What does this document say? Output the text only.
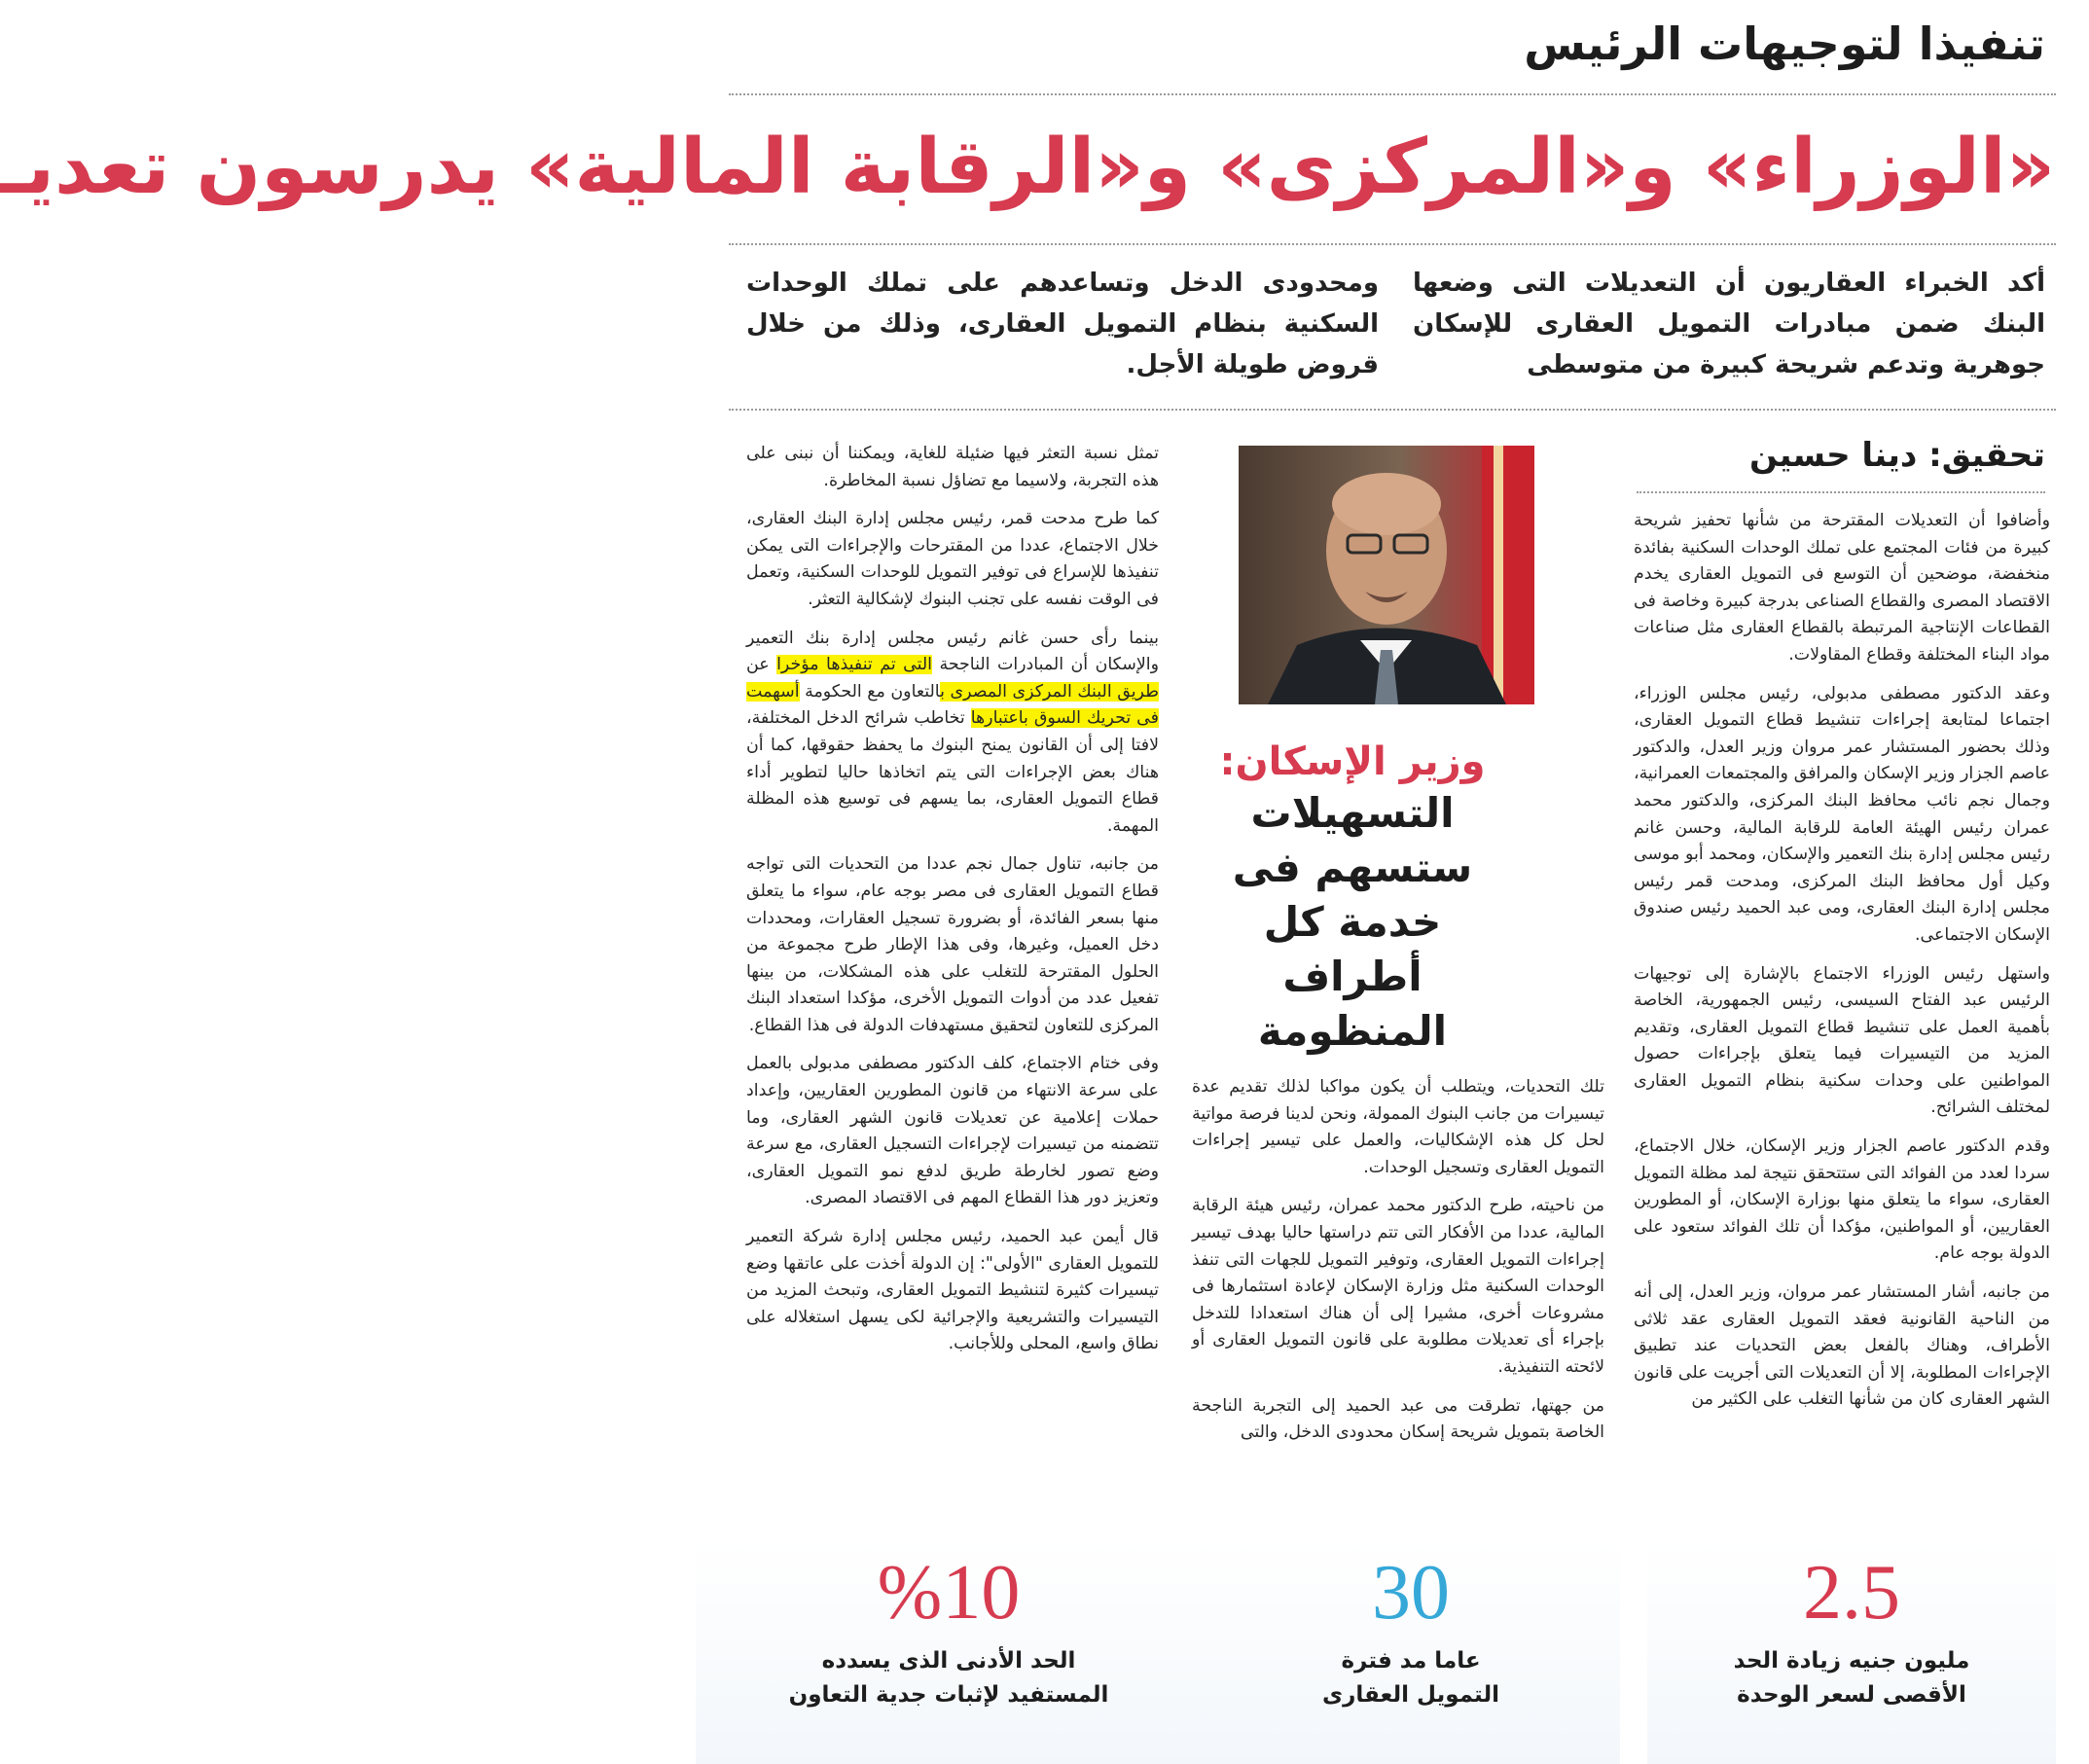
تنفيذا لتوجيهات الرئيس
«الوزراء» و«المركزى» و«الرقابة المالية» يدرسون تعديـ

أكد الخبراء العقاريون أن التعديلات التى وضعها البنك ضمن مبادرات التمويل العقارى للإسكان جوهرية وتدعم شريحة كبيرة من متوسطى

ومحدودى الدخل وتساعدهم على تملك الوحدات السكنية بنظام التمويل العقارى، وذلك من خلال قروض طويلة الأجل.

تحقيق: دينا حسين

وأضافوا أن التعديلات المقترحة من شأنها تحفيز شريحة كبيرة من فئات المجتمع على تملك الوحدات السكنية بفائدة منخفضة، موضحين أن التوسع فى التمويل العقارى يخدم الاقتصاد المصرى والقطاع الصناعى بدرجة كبيرة وخاصة فى القطاعات الإنتاجية المرتبطة بالقطاع العقارى مثل صناعات مواد البناء المختلفة وقطاع المقاولات.

وعقد الدكتور مصطفى مدبولى، رئيس مجلس الوزراء، اجتماعا لمتابعة إجراءات تنشيط قطاع التمويل العقارى، وذلك بحضور المستشار عمر مروان وزير العدل، والدكتور عاصم الجزار وزير الإسكان والمرافق والمجتمعات العمرانية، وجمال نجم نائب محافظ البنك المركزى، والدكتور محمد عمران رئيس الهيئة العامة للرقابة المالية، وحسن غانم رئيس مجلس إدارة بنك التعمير والإسكان، ومحمد أبو موسى وكيل أول محافظ البنك المركزى، ومدحت قمر رئيس مجلس إدارة البنك العقارى، ومى عبد الحميد رئيس صندوق الإسكان الاجتماعى.

واستهل رئيس الوزراء الاجتماع بالإشارة إلى توجيهات الرئيس عبد الفتاح السيسى، رئيس الجمهورية، الخاصة بأهمية العمل على تنشيط قطاع التمويل العقارى، وتقديم المزيد من التيسيرات فيما يتعلق بإجراءات حصول المواطنين على وحدات سكنية بنظام التمويل العقارى لمختلف الشرائح.

وقدم الدكتور عاصم الجزار وزير الإسكان، خلال الاجتماع، سردا لعدد من الفوائد التى ستتحقق نتيجة لمد مظلة التمويل العقارى، سواء ما يتعلق منها بوزارة الإسكان، أو المطورين العقاريين، أو المواطنين، مؤكدا أن تلك الفوائد ستعود على الدولة بوجه عام.

من جانبه، أشار المستشار عمر مروان، وزير العدل، إلى أنه من الناحية القانونية فعقد التمويل العقارى عقد ثلاثى الأطراف، وهناك بالفعل بعض التحديات عند تطبيق الإجراءات المطلوبة، إلا أن التعديلات التى أجريت على قانون الشهر العقارى كان من شأنها التغلب على الكثير من

وزير الإسكان:
التسهيلات ستسهم فى خدمة كل أطراف المنظومة

تلك التحديات، ويتطلب أن يكون مواكبا لذلك تقديم عدة تيسيرات من جانب البنوك الممولة، ونحن لدينا فرصة مواتية لحل كل هذه الإشكاليات، والعمل على تيسير إجراءات التمويل العقارى وتسجيل الوحدات.

من ناحيته، طرح الدكتور محمد عمران، رئيس هيئة الرقابة المالية، عددا من الأفكار التى تتم دراستها حاليا بهدف تيسير إجراءات التمويل العقارى، وتوفير التمويل للجهات التى تنفذ الوحدات السكنية مثل وزارة الإسكان لإعادة استثمارها فى مشروعات أخرى، مشيرا إلى أن هناك استعدادا للتدخل بإجراء أى تعديلات مطلوبة على قانون التمويل العقارى أو لائحته التنفيذية.

من جهتها، تطرقت مى عبد الحميد إلى التجربة الناجحة الخاصة بتمويل شريحة إسكان محدودى الدخل، والتى

تمثل نسبة التعثر فيها ضئيلة للغاية، ويمكننا أن نبنى على هذه التجربة، ولاسيما مع تضاؤل نسبة المخاطرة.

كما طرح مدحت قمر، رئيس مجلس إدارة البنك العقارى، خلال الاجتماع، عددا من المقترحات والإجراءات التى يمكن تنفيذها للإسراع فى توفير التمويل للوحدات السكنية، وتعمل فى الوقت نفسه على تجنب البنوك لإشكالية التعثر.

بينما رأى حسن غانم رئيس مجلس إدارة بنك التعمير والإسكان أن المبادرات الناجحة التى تم تنفيذها مؤخرا عن طريق البنك المركزى المصرى بالتعاون مع الحكومة أسهمت فى تحريك السوق باعتبارها تخاطب شرائح الدخل المختلفة، لافتا إلى أن القانون يمنح البنوك ما يحفظ حقوقها، كما أن هناك بعض الإجراءات التى يتم اتخاذها حاليا لتطوير أداء قطاع التمويل العقارى، بما يسهم فى توسيع هذه المظلة المهمة.

من جانبه، تناول جمال نجم عددا من التحديات التى تواجه قطاع التمويل العقارى فى مصر بوجه عام، سواء ما يتعلق منها بسعر الفائدة، أو بضرورة تسجيل العقارات، ومحددات دخل العميل، وغيرها، وفى هذا الإطار طرح مجموعة من الحلول المقترحة للتغلب على هذه المشكلات، من بينها تفعيل عدد من أدوات التمويل الأخرى، مؤكدا استعداد البنك المركزى للتعاون لتحقيق مستهدفات الدولة فى هذا القطاع.

وفى ختام الاجتماع، كلف الدكتور مصطفى مدبولى بالعمل على سرعة الانتهاء من قانون المطورين العقاريين، وإعداد حملات إعلامية عن تعديلات قانون الشهر العقارى، وما تتضمنه من تيسيرات لإجراءات التسجيل العقارى، مع سرعة وضع تصور لخارطة طريق لدفع نمو التمويل العقارى، وتعزيز دور هذا القطاع المهم فى الاقتصاد المصرى.

قال أيمن عبد الحميد، رئيس مجلس إدارة شركة التعمير للتمويل العقارى "الأولى": إن الدولة أخذت على عاتقها وضع تيسيرات كثيرة لتنشيط التمويل العقارى، وتبحث المزيد من التيسيرات والتشريعية والإجرائية لكى يسهل استغلاله على نطاق واسع، المحلى وللأجانب.

2.5
مليون جنيه زيادة الحد الأقصى لسعر الوحدة
30
عاما مد فترة التمويل العقارى
%10
الحد الأدنى الذى يسدده المستفيد لإثبات جدية التعاون
